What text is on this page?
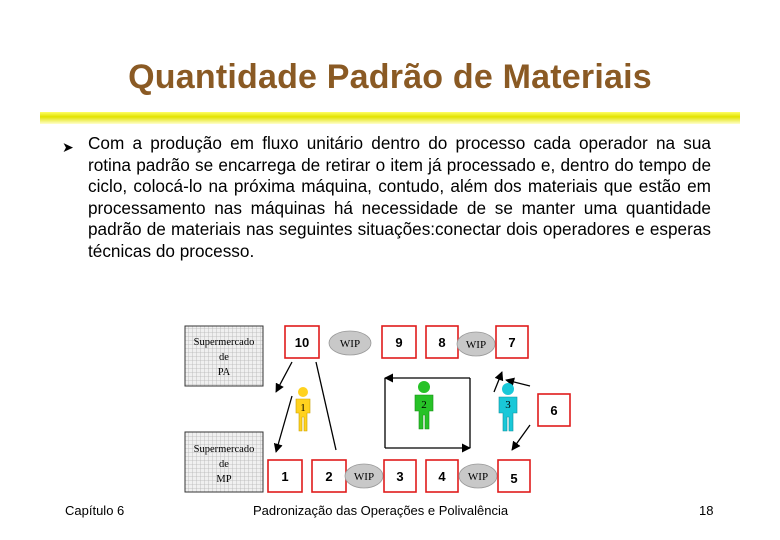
Quantidade Padrão de Materiais
➤ Com a produção em fluxo unitário dentro do processo cada operador na sua rotina padrão se encarrega de retirar o item já processado e, dentro do tempo de ciclo, colocá-lo na próxima máquina, contudo, além dos materiais que estão em processamento nas máquinas há necessidade de se manter uma quantidade padrão de materiais nas seguintes situações:conectar dois operadores e esperas técnicas do processo.
Supermercado
de
PA
Supermercado
de
MP
10	WIP	9	8 WIP 7
6
1	2 WIP 3	4 WIP 5
1	2	3
Capítulo 6	Padronização das Operações e Polivalência	18
